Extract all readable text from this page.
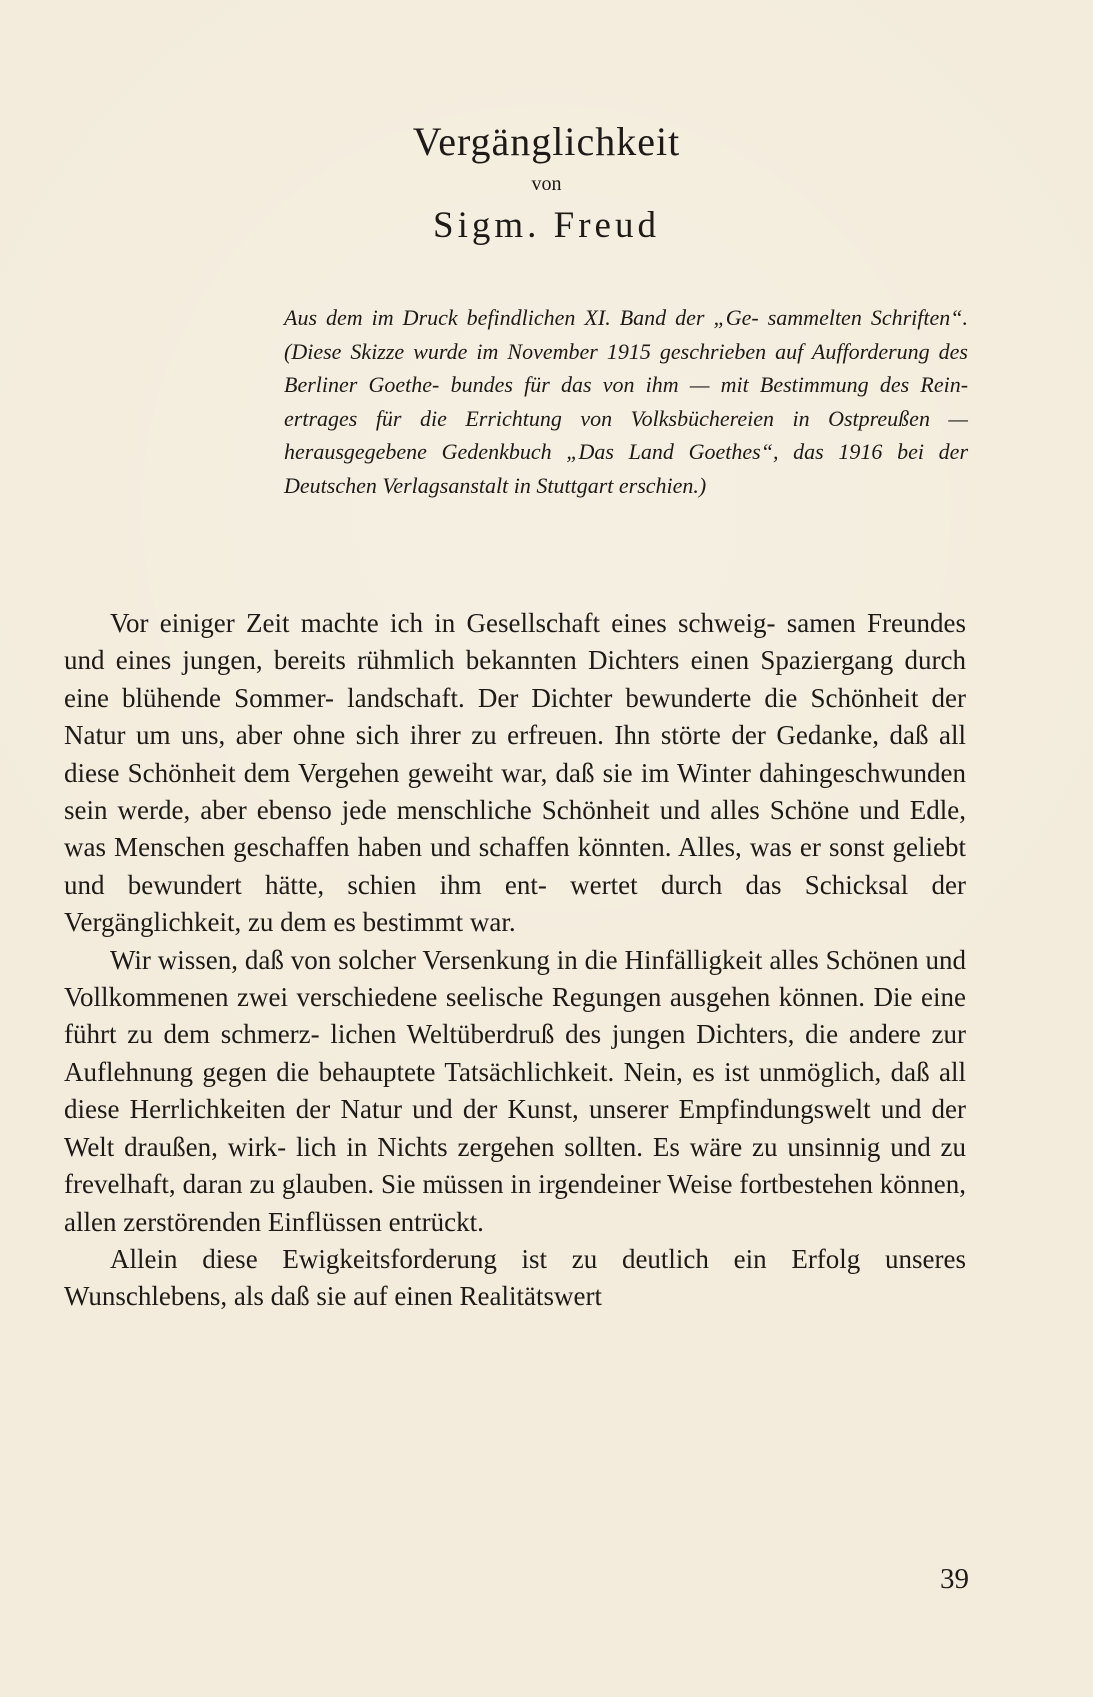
Vergänglichkeit
von
Sigm. Freud
Aus dem im Druck befindlichen XI. Band der „Ge- sammelten Schriften“. (Diese Skizze wurde im November 1915 geschrieben auf Aufforderung des Berliner Goethe- bundes für das von ihm — mit Bestimmung des Rein- ertrages für die Errichtung von Volksbüchereien in Ostpreußen — herausgegebene Gedenkbuch „Das Land Goethes“, das 1916 bei der Deutschen Verlagsanstalt in Stuttgart erschien.)

Vor einiger Zeit machte ich in Gesellschaft eines schweig- samen Freundes und eines jungen, bereits rühmlich bekannten Dichters einen Spaziergang durch eine blühende Sommer- landschaft. Der Dichter bewunderte die Schönheit der Natur um uns, aber ohne sich ihrer zu erfreuen. Ihn störte der Gedanke, daß all diese Schönheit dem Vergehen geweiht war, daß sie im Winter dahingeschwunden sein werde, aber ebenso jede menschliche Schönheit und alles Schöne und Edle, was Menschen geschaffen haben und schaffen könnten. Alles, was er sonst geliebt und bewundert hätte, schien ihm ent- wertet durch das Schicksal der Vergänglichkeit, zu dem es bestimmt war.

Wir wissen, daß von solcher Versenkung in die Hinfälligkeit alles Schönen und Vollkommenen zwei verschiedene seelische Regungen ausgehen können. Die eine führt zu dem schmerz- lichen Weltüberdruß des jungen Dichters, die andere zur Auflehnung gegen die behauptete Tatsächlichkeit. Nein, es ist unmöglich, daß all diese Herrlichkeiten der Natur und der Kunst, unserer Empfindungswelt und der Welt draußen, wirk- lich in Nichts zergehen sollten. Es wäre zu unsinnig und zu frevelhaft, daran zu glauben. Sie müssen in irgendeiner Weise fortbestehen können, allen zerstörenden Einflüssen entrückt.

Allein diese Ewigkeitsforderung ist zu deutlich ein Erfolg unseres Wunschlebens, als daß sie auf einen Realitätswert

39
